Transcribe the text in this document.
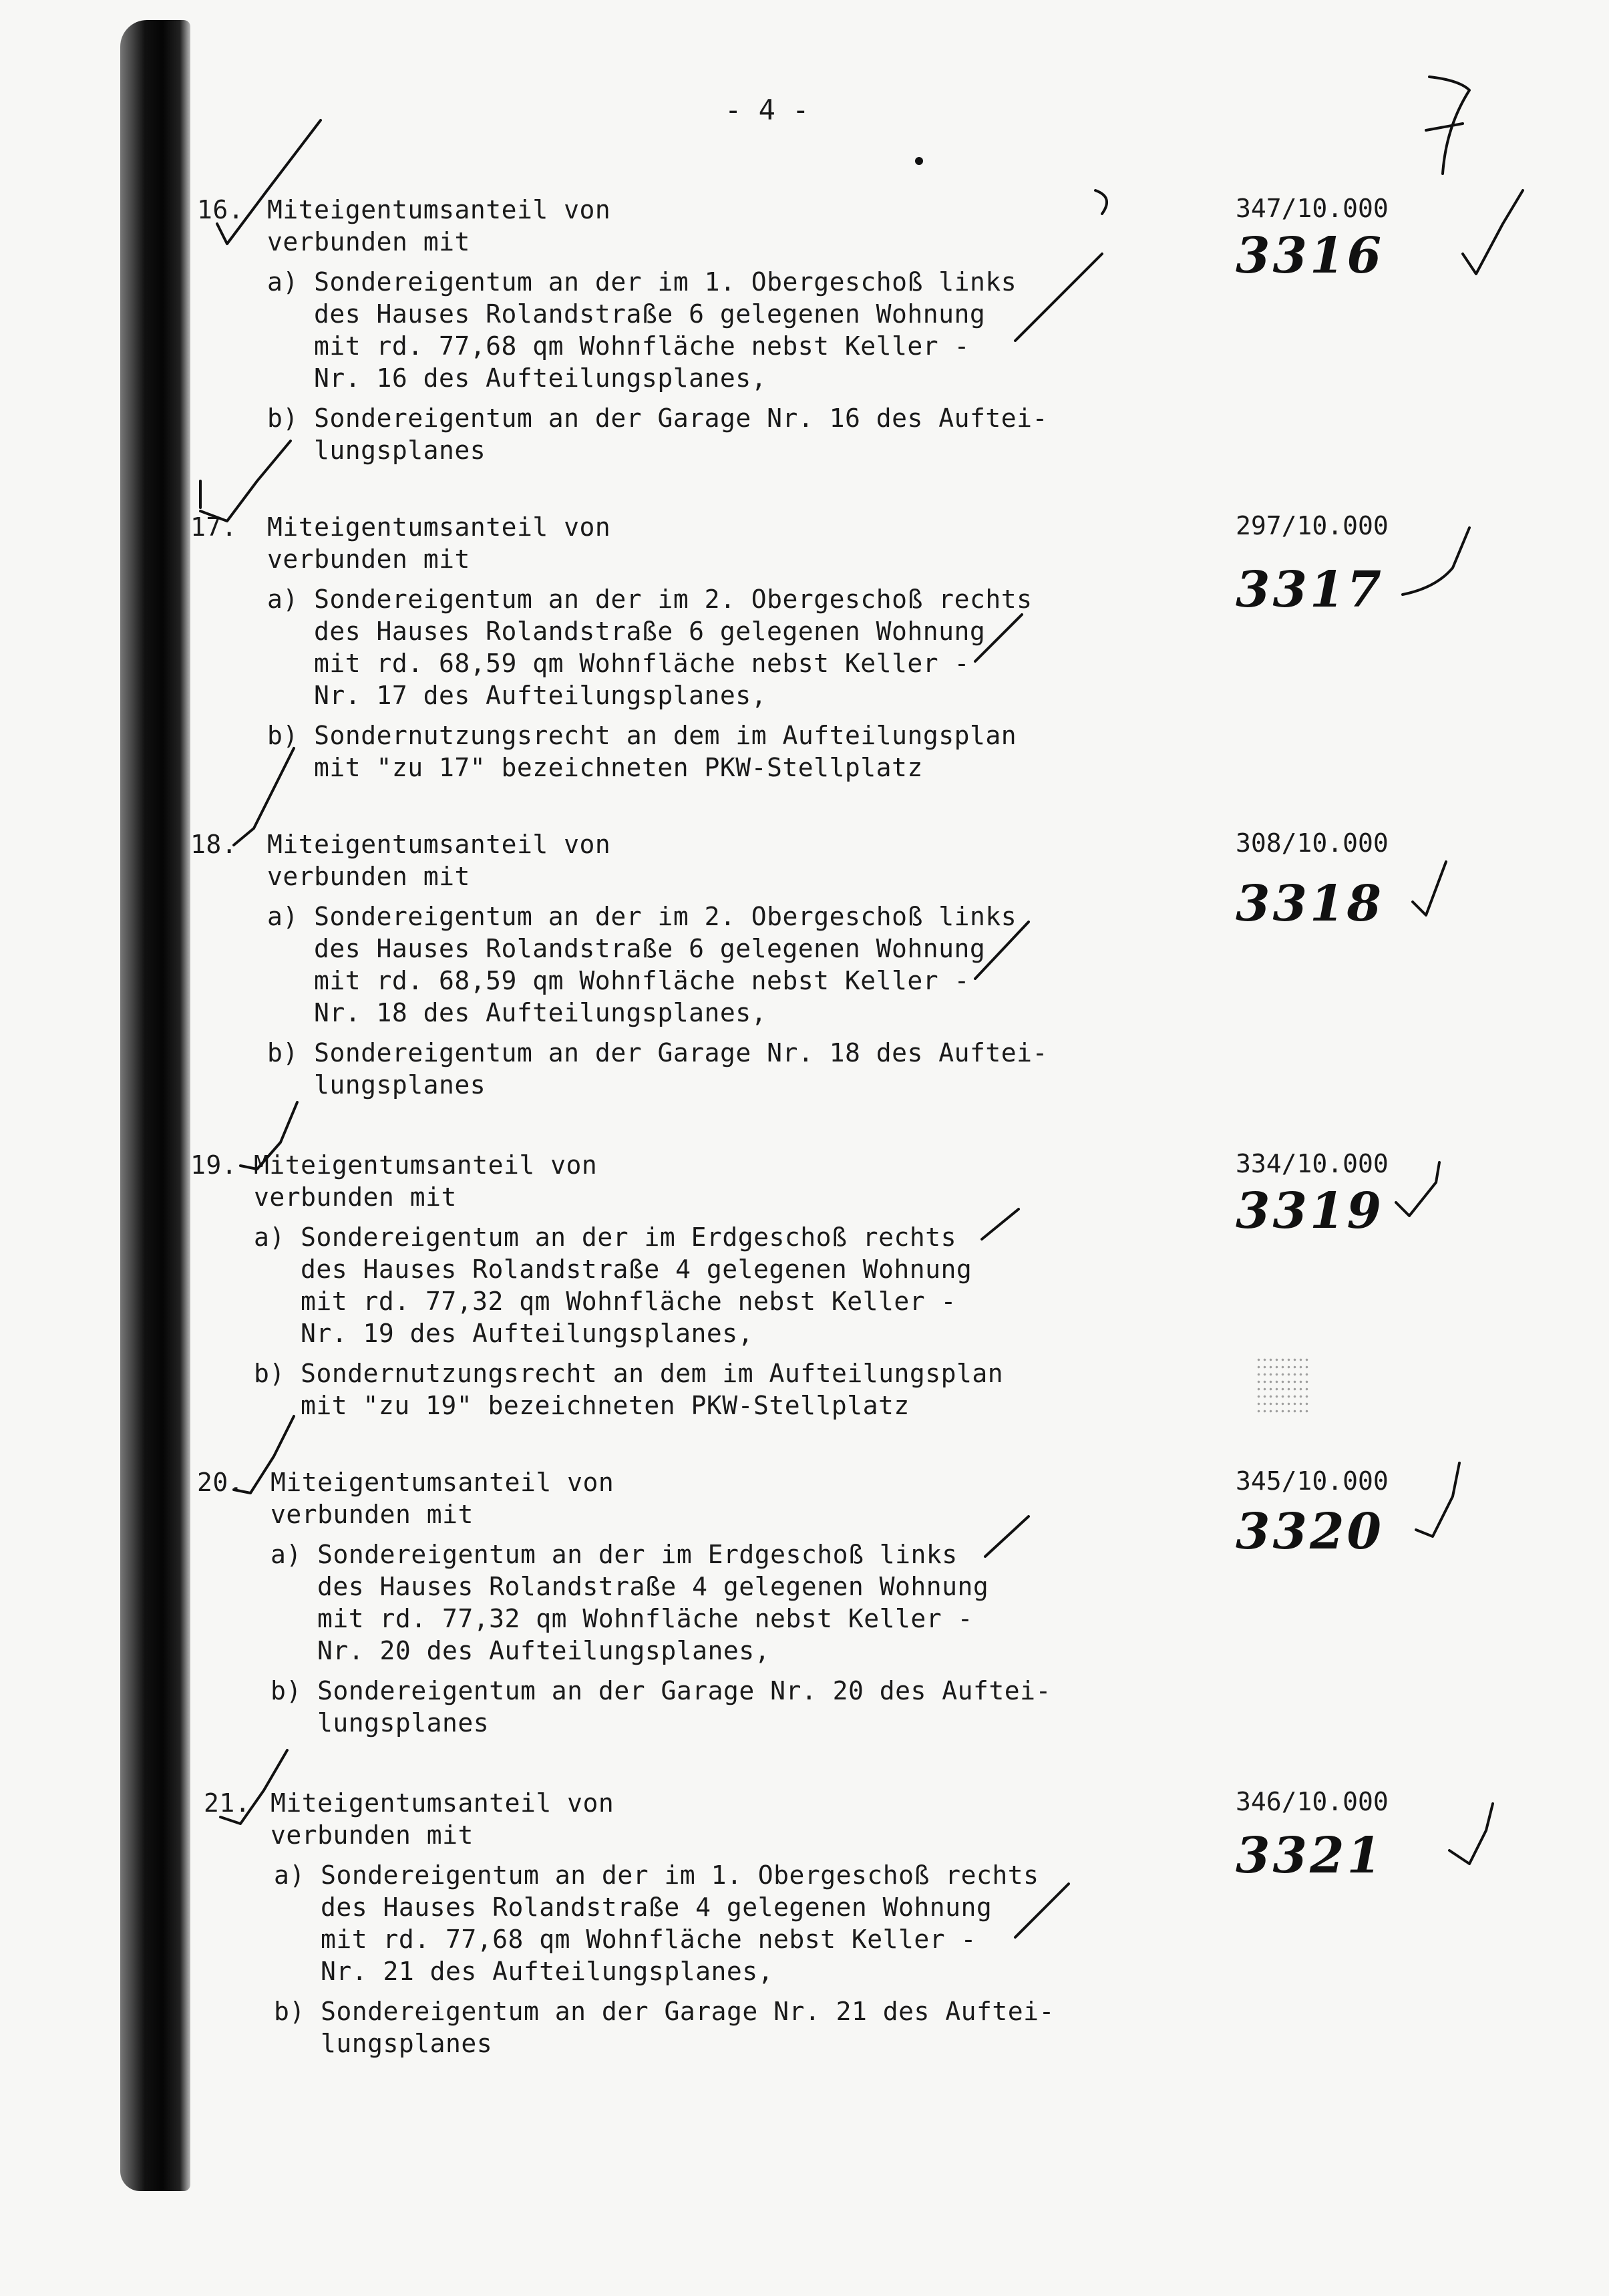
- 4 -
16. Miteigentumsanteil von
verbunden mit
a) Sondereigentum an der im 1. Obergeschoß links
des Hauses Rolandstraße 6 gelegenen Wohnung
mit rd. 77,68 qm Wohnfläche nebst Keller -
Nr. 16 des Aufteilungsplanes,
b) Sondereigentum an der Garage Nr. 16 des Auftei-
lungsplanes
347/10.000
3316
17. Miteigentumsanteil von
verbunden mit
a) Sondereigentum an der im 2. Obergeschoß rechts
des Hauses Rolandstraße 6 gelegenen Wohnung
mit rd. 68,59 qm Wohnfläche nebst Keller -
Nr. 17 des Aufteilungsplanes,
b) Sondernutzungsrecht an dem im Aufteilungsplan
mit "zu 17" bezeichneten PKW-Stellplatz
297/10.000
3317
18. Miteigentumsanteil von
verbunden mit
a) Sondereigentum an der im 2. Obergeschoß links
des Hauses Rolandstraße 6 gelegenen Wohnung
mit rd. 68,59 qm Wohnfläche nebst Keller -
Nr. 18 des Aufteilungsplanes,
b) Sondereigentum an der Garage Nr. 18 des Auftei-
lungsplanes
308/10.000
3318
19. Miteigentumsanteil von
verbunden mit
a) Sondereigentum an der im Erdgeschoß rechts
des Hauses Rolandstraße 4 gelegenen Wohnung
mit rd. 77,32 qm Wohnfläche nebst Keller -
Nr. 19 des Aufteilungsplanes,
b) Sondernutzungsrecht an dem im Aufteilungsplan
mit "zu 19" bezeichneten PKW-Stellplatz
334/10.000
3319
20. Miteigentumsanteil von
verbunden mit
a) Sondereigentum an der im Erdgeschoß links
des Hauses Rolandstraße 4 gelegenen Wohnung
mit rd. 77,32 qm Wohnfläche nebst Keller -
Nr. 20 des Aufteilungsplanes,
b) Sondereigentum an der Garage Nr. 20 des Auftei-
lungsplanes
345/10.000
3320
21. Miteigentumsanteil von
verbunden mit
a) Sondereigentum an der im 1. Obergeschoß rechts
des Hauses Rolandstraße 4 gelegenen Wohnung
mit rd. 77,68 qm Wohnfläche nebst Keller -
Nr. 21 des Aufteilungsplanes,
b) Sondereigentum an der Garage Nr. 21 des Auftei-
lungsplanes
346/10.000
3321
